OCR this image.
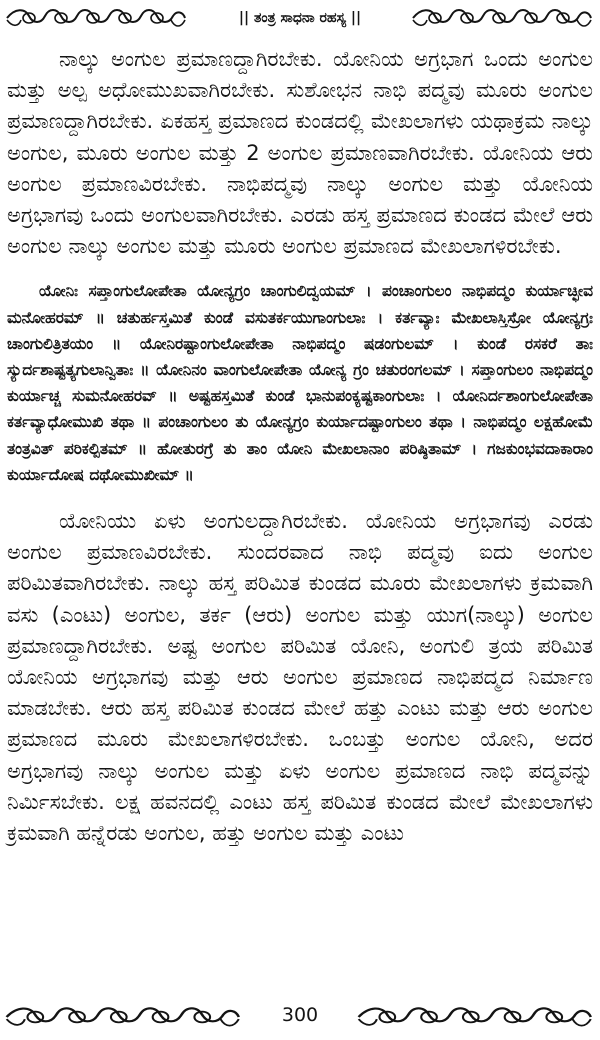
|| ತಂತ್ರ ಸಾಧನಾ ರಹಸ್ಯ ||

ನಾಲ್ಕು ಅಂಗುಲ ಪ್ರಮಾಣದ್ದಾಗಿರಬೇಕು. ಯೋನಿಯ ಅಗ್ರಭಾಗ ಒಂದು ಅಂಗುಲ ಮತ್ತು ಅಲ್ಪ ಅಧೋಮುಖವಾಗಿರಬೇಕು. ಸುಶೋಭನ ನಾಭಿ ಪದ್ಮವು ಮೂರು ಅಂಗುಲ ಪ್ರಮಾಣದ್ದಾಗಿರಬೇಕು. ಏಕಹಸ್ತ ಪ್ರಮಾಣದ ಕುಂಡದಲ್ಲಿ ಮೇಖಲಾಗಳು ಯಥಾಕ್ರಮ ನಾಲ್ಕು ಅಂಗುಲ, ಮೂರು ಅಂಗುಲ ಮತ್ತು 2 ಅಂಗುಲ ಪ್ರಮಾಣವಾಗಿರಬೇಕು. ಯೋನಿಯ ಆರು ಅಂಗುಲ ಪ್ರಮಾಣವಿರಬೇಕು. ನಾಭಿಪದ್ಮವು ನಾಲ್ಕು ಅಂಗುಲ ಮತ್ತು ಯೋನಿಯ ಅಗ್ರಭಾಗವು ಒಂದು ಅಂಗುಲವಾಗಿರಬೇಕು. ಎರಡು ಹಸ್ತ ಪ್ರಮಾಣದ ಕುಂಡದ ಮೇಲೆ ಆರು ಅಂಗುಲ ನಾಲ್ಕು ಅಂಗುಲ ಮತ್ತು ಮೂರು ಅಂಗುಲ ಪ್ರಮಾಣದ ಮೇಖಲಾಗಳಿರಬೇಕು.

ಯೋನಿಃ ಸಪ್ತಾಂಗುಲೋಪೇತಾ ಯೋನ್ಯಗ್ರಂ ಚಾಂಗುಲಿದ್ವಯಮ್ । ಪಂಚಾಂಗುಲಂ ನಾಭಿಪದ್ಮಂ ಕುರ್ಯಾಚ್ಛೀವ ಮನೋಹರಮ್ ॥ ಚತುರ್ಹಸ್ತಮಿತೆ ಕುಂಡೆ ವಸುತರ್ಕಯುಗಾಂಗುಲಾಃ । ಕರ್ತವ್ಯಾಃ ಮೇಖಲಾಸ್ತಿಸ್ರೋ ಯೋನ್ಯಗ್ರಃ ಚಾಂಗುಲಿತ್ರಿತಯಂ ॥ ಯೋನಿರಷ್ಟಾಂಗುಲೋಪೇತಾ ನಾಭಿಪದ್ಮಂ ಷಡಂಗುಲಮ್ । ಕುಂಡೆ ರಸಕರೆ ತಾಃ ಸ್ಯುರ್ದಶಾಷ್ಟತ್ಯಗುಲಾನ್ವಿತಾಃ ॥ ಯೋನಿನಂ ವಾಂಗುಲೋಪೇತಾ ಯೋನ್ಯ ಗ್ರಂ ಚತುರಂಗಲಮ್ । ಸಪ್ತಾಂಗುಲಂ ನಾಭಿಪದ್ಮಂ ಕುರ್ಯಾಚ್ಚ ಸುಮನೋಹರವ್ ॥ ಅಷ್ಟಹಸ್ತಮಿತೆ ಕುಂಡೆ ಭಾನುಪಂಕ್ಯಷ್ಟಕಾಂಗುಲಾಃ । ಯೋನಿರ್ದಶಾಂಗುಲೋಪೇತಾ ಕರ್ತವ್ಯಾಧೋಮುಖಿ ತಥಾ ॥ ಪಂಚಾಂಗುಲಂ ತು ಯೋನ್ಯಗ್ರಂ ಕುರ್ಯಾದಷ್ಟಾಂಗುಲಂ ತಥಾ । ನಾಭಿಪದ್ಮಂ ಲಕ್ಷಹೋಮೆ ತಂತ್ರವಿತ್ ಪರಿಕಲ್ಪಿತಮ್ ॥ ಹೋತುರಗ್ರೆ ತು ತಾಂ ಯೋನಿ ಮೇಖಲಾನಾಂ ಪರಿಷ್ಠಿತಾಮ್ । ಗಜಕುಂಭವದಾಕಾರಾಂ ಕುರ್ಯಾದೋಷ ದಥೋಮುಖೀಮ್ ॥

ಯೋನಿಯು ಏಳು ಅಂಗುಲದ್ದಾಗಿರಬೇಕು. ಯೋನಿಯ ಅಗ್ರಭಾಗವು ಎರಡು ಅಂಗುಲ ಪ್ರಮಾಣವಿರಬೇಕು. ಸುಂದರವಾದ ನಾಭಿ ಪದ್ಮವು ಐದು ಅಂಗುಲ ಪರಿಮಿತವಾಗಿರಬೇಕು. ನಾಲ್ಕು ಹಸ್ತ ಪರಿಮಿತ ಕುಂಡದ ಮೂರು ಮೇಖಲಾಗಳು ಕ್ರಮವಾಗಿ ವಸು (ಎಂಟು) ಅಂಗುಲ, ತರ್ಕ (ಆರು) ಅಂಗುಲ ಮತ್ತು ಯುಗ(ನಾಲ್ಕು) ಅಂಗುಲ ಪ್ರಮಾಣದ್ದಾಗಿರಬೇಕು. ಅಷ್ಟ ಅಂಗುಲ ಪರಿಮಿತ ಯೋನಿ, ಅಂಗುಲಿ ತ್ರಯ ಪರಿಮಿತ ಯೋನಿಯ ಅಗ್ರಭಾಗವು ಮತ್ತು ಆರು ಅಂಗುಲ ಪ್ರಮಾಣದ ನಾಭಿಪದ್ಮದ ನಿರ್ಮಾಣ ಮಾಡಬೇಕು. ಆರು ಹಸ್ತ ಪರಿಮಿತ ಕುಂಡದ ಮೇಲೆ ಹತ್ತು ಎಂಟು ಮತ್ತು ಆರು ಅಂಗುಲ ಪ್ರಮಾಣದ ಮೂರು ಮೇಖಲಾಗಳಿರಬೇಕು. ಒಂಬತ್ತು ಅಂಗುಲ ಯೋನಿ, ಅದರ ಅಗ್ರಭಾಗವು ನಾಲ್ಕು ಅಂಗುಲ ಮತ್ತು ಏಳು ಅಂಗುಲ ಪ್ರಮಾಣದ ನಾಭಿ ಪದ್ಮವನ್ನು ನಿರ್ಮಿಸಬೇಕು. ಲಕ್ಷ ಹವನದಲ್ಲಿ ಎಂಟು ಹಸ್ತ ಪರಿಮಿತ ಕುಂಡದ ಮೇಲೆ ಮೇಖಲಾಗಳು ಕ್ರಮವಾಗಿ ಹನ್ನೆರಡು ಅಂಗುಲ, ಹತ್ತು ಅಂಗುಲ ಮತ್ತು ಎಂಟು

300
